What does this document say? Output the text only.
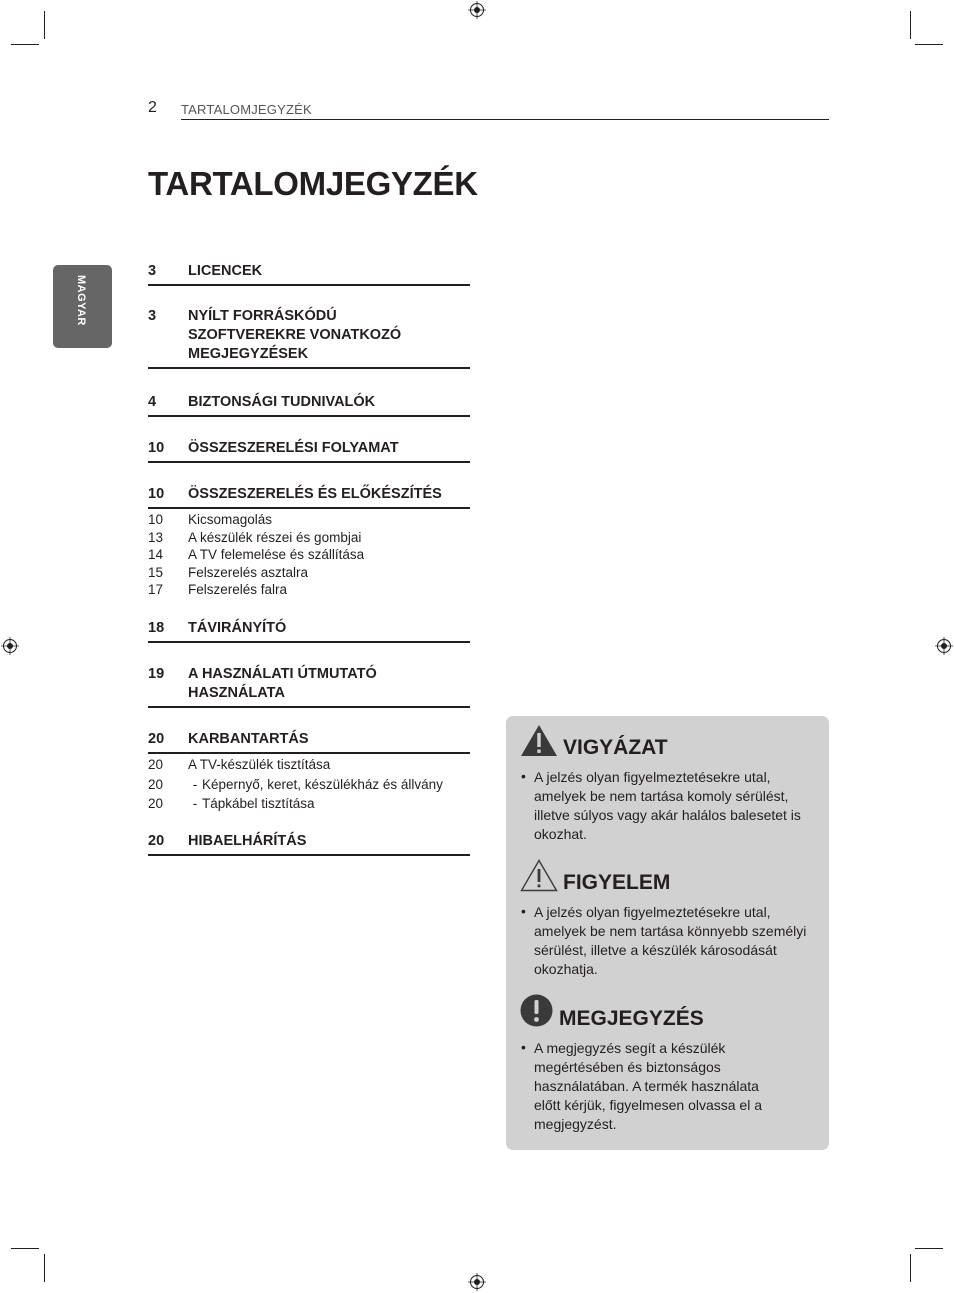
2 TARTALOMJEGYZÉK
TARTALOMJEGYZÉK
MAGYAR
3	LICENCEK
3	NYÍLT FORRÁSKÓDÚ SZOFTVEREKRE VONATKOZÓ MEGJEGYZÉSEK
4	BIZTONSÁGI TUDNIVALÓK
10	ÖSSZESZERELÉSI FOLYAMAT
10	ÖSSZESZERELÉS ÉS ELŐKÉSZÍTÉS
10	Kicsomagolás
13	A készülék részei és gombjai
14	A TV felemelése és szállítása
15	Felszerelés asztalra
17	Felszerelés falra
18	TÁVIRÁNYÍTÓ
19	A HASZNÁLATI ÚTMUTATÓ HASZNÁLATA
20	KARBANTARTÁS
20	A TV-készülék tisztítása
20	- Képernyő, keret, készülékház és állvány
20	- Tápkábel tisztítása
20	HIBAELHÁRÍTÁS
VIGYÁZAT
• A jelzés olyan figyelmeztetésekre utal, amelyek be nem tartása komoly sérülést, illetve súlyos vagy akár halálos balesetet is okozhat.
FIGYELEM
• A jelzés olyan figyelmeztetésekre utal, amelyek be nem tartása könnyebb személyi sérülést, illetve a készülék károsodását okozhatja.
MEGJEGYZÉS
• A megjegyzés segít a készülék megértésében és biztonságos használatában. A termék használata előtt kérjük, figyelmesen olvassa el a megjegyzést.
